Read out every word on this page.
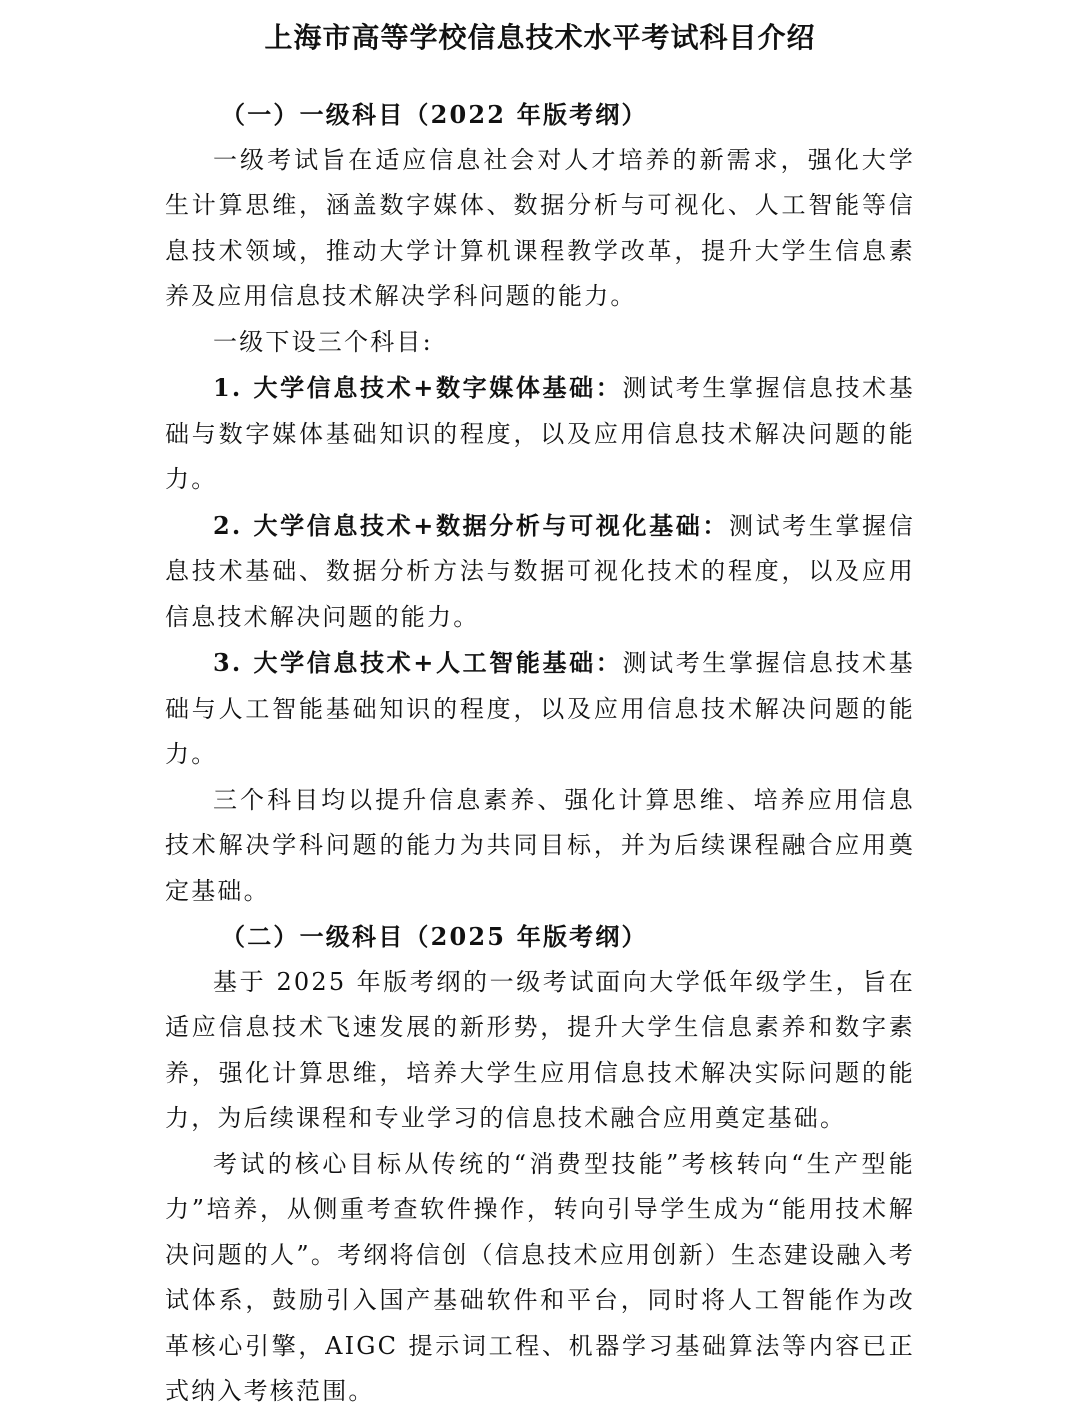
上海市高等学校信息技术水平考试科目介绍

（一）一级科目（2022 年版考纲）

一级考试旨在适应信息社会对人才培养的新需求，强化大学生计算思维，涵盖数字媒体、数据分析与可视化、人工智能等信息技术领域，推动大学计算机课程教学改革，提升大学生信息素养及应用信息技术解决学科问题的能力。

一级下设三个科目:

1. 大学信息技术+数字媒体基础：测试考生掌握信息技术基础与数字媒体基础知识的程度，以及应用信息技术解决问题的能力。

2. 大学信息技术+数据分析与可视化基础：测试考生掌握信息技术基础、数据分析方法与数据可视化技术的程度，以及应用信息技术解决问题的能力。

3. 大学信息技术+人工智能基础：测试考生掌握信息技术基础与人工智能基础知识的程度，以及应用信息技术解决问题的能力。

三个科目均以提升信息素养、强化计算思维、培养应用信息技术解决学科问题的能力为共同目标，并为后续课程融合应用奠定基础。

（二）一级科目（2025 年版考纲）

基于 2025 年版考纲的一级考试面向大学低年级学生，旨在适应信息技术飞速发展的新形势，提升大学生信息素养和数字素养，强化计算思维，培养大学生应用信息技术解决实际问题的能力，为后续课程和专业学习的信息技术融合应用奠定基础。

考试的核心目标从传统的“消费型技能”考核转向“生产型能力”培养，从侧重考查软件操作，转向引导学生成为“能用技术解决问题的人”。考纲将信创（信息技术应用创新）生态建设融入考试体系，鼓励引入国产基础软件和平台，同时将人工智能作为改革核心引擎，AIGC 提示词工程、机器学习基础算法等内容已正式纳入考核范围。
